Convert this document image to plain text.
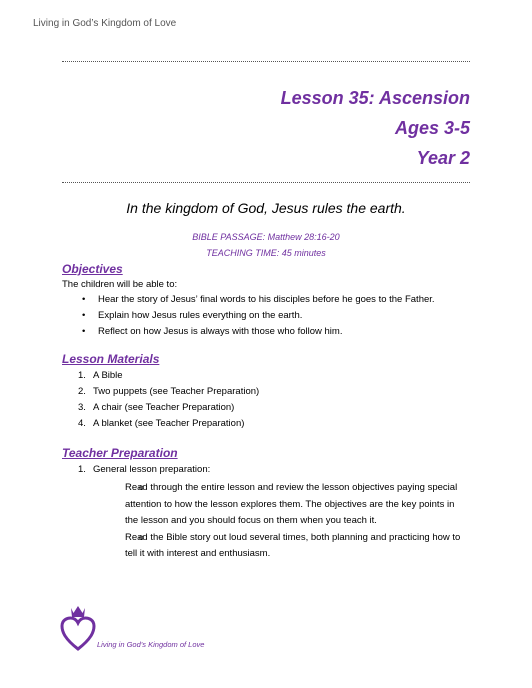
Living in God’s Kingdom of Love
Lesson 35: Ascension
Ages 3-5
Year 2
In the kingdom of God, Jesus rules the earth.
BIBLE PASSAGE: Matthew 28:16-20
TEACHING TIME: 45 minutes
Objectives
The children will be able to:
• Hear the story of Jesus’ final words to his disciples before he goes to the Father.
• Explain how Jesus rules everything on the earth.
• Reflect on how Jesus is always with those who follow him.
Lesson Materials
1. A Bible
2. Two puppets (see Teacher Preparation)
3. A chair (see Teacher Preparation)
4. A blanket (see Teacher Preparation)
Teacher Preparation
1. General lesson preparation:
o Read through the entire lesson and review the lesson objectives paying special attention to how the lesson explores them. The objectives are the key points in the lesson and you should focus on them when you teach it.
o Read the Bible story out loud several times, both planning and practicing how to tell it with interest and enthusiasm.
Living in God’s Kingdom of Love
